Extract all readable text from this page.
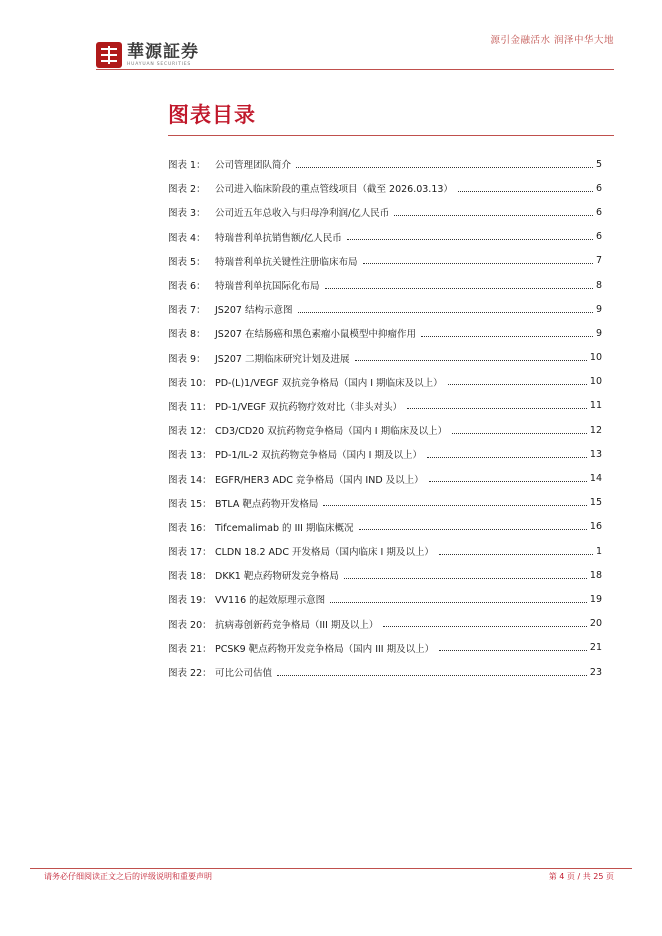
華源証券
HUAYUAN SECURITIES
源引金融活水 润泽中华大地
图表目录
图表 1： 公司管理团队简介	5
图表 2： 公司进入临床阶段的重点管线项目（截至 2026.03.13）	6
图表 3： 公司近五年总收入与归母净利润/亿人民币	6
图表 4： 特瑞普利单抗销售额/亿人民币	6
图表 5： 特瑞普利单抗关键性注册临床布局	7
图表 6： 特瑞普利单抗国际化布局	8
图表 7： JS207 结构示意图	9
图表 8： JS207 在结肠癌和黑色素瘤小鼠模型中抑瘤作用	9
图表 9： JS207 二期临床研究计划及进展	10
图表 10： PD-(L)1/VEGF 双抗竞争格局（国内 I 期临床及以上）	10
图表 11： PD-1/VEGF 双抗药物疗效对比（非头对头）	11
图表 12： CD3/CD20 双抗药物竞争格局（国内 I 期临床及以上）	12
图表 13： PD-1/IL-2 双抗药物竞争格局（国内 I 期及以上）	13
图表 14： EGFR/HER3 ADC 竞争格局（国内 IND 及以上）	14
图表 15： BTLA 靶点药物开发格局	15
图表 16： Tifcemalimab 的 III 期临床概况	16
图表 17： CLDN 18.2 ADC 开发格局（国内临床 I 期及以上）	1
图表 18： DKK1 靶点药物研发竞争格局	18
图表 19： VV116 的起效原理示意图	19
图表 20： 抗病毒创新药竞争格局（III 期及以上）	20
图表 21： PCSK9 靶点药物开发竞争格局（国内 III 期及以上）	21
图表 22： 可比公司估值	23
请务必仔细阅读正文之后的评级说明和重要声明	第 4 页 / 共 25 页
